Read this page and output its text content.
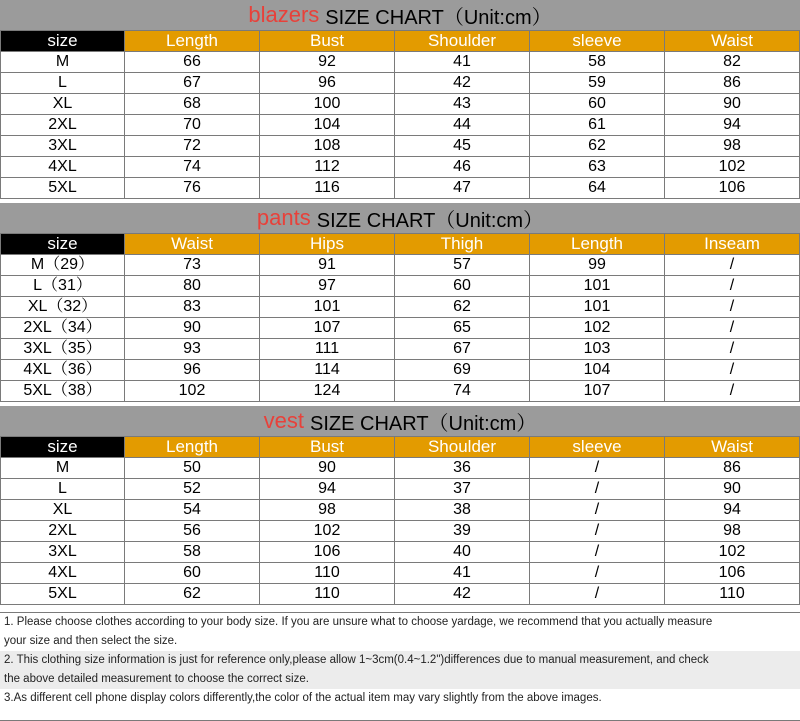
blazers SIZE CHART（Unit:cm）
size	Length	Bust	Shoulder	sleeve	Waist
M	66	92	41	58	82
L	67	96	42	59	86
XL	68	100	43	60	90
2XL	70	104	44	61	94
3XL	72	108	45	62	98
4XL	74	112	46	63	102
5XL	76	116	47	64	106
pants SIZE CHART（Unit:cm）
size	Waist	Hips	Thigh	Length	Inseam
M（29）	73	91	57	99	/
L（31）	80	97	60	101	/
XL（32）	83	101	62	101	/
2XL（34）	90	107	65	102	/
3XL（35）	93	111	67	103	/
4XL（36）	96	114	69	104	/
5XL（38）	102	124	74	107	/
vest SIZE CHART（Unit:cm）
size	Length	Bust	Shoulder	sleeve	Waist
M	50	90	36	/	86
L	52	94	37	/	90
XL	54	98	38	/	94
2XL	56	102	39	/	98
3XL	58	106	40	/	102
4XL	60	110	41	/	106
5XL	62	110	42	/	110

1. Please choose clothes according to your body size. If you are unsure what to choose yardage, we recommend that you actually measure

your size and then select the size.

2. This clothing size information is just for reference only,please allow 1~3cm(0.4~1.2")differences due to manual measurement, and check

the above detailed measurement to choose the correct size.

3.As different cell phone display colors differently,the color of the actual item may vary slightly from the above images.
